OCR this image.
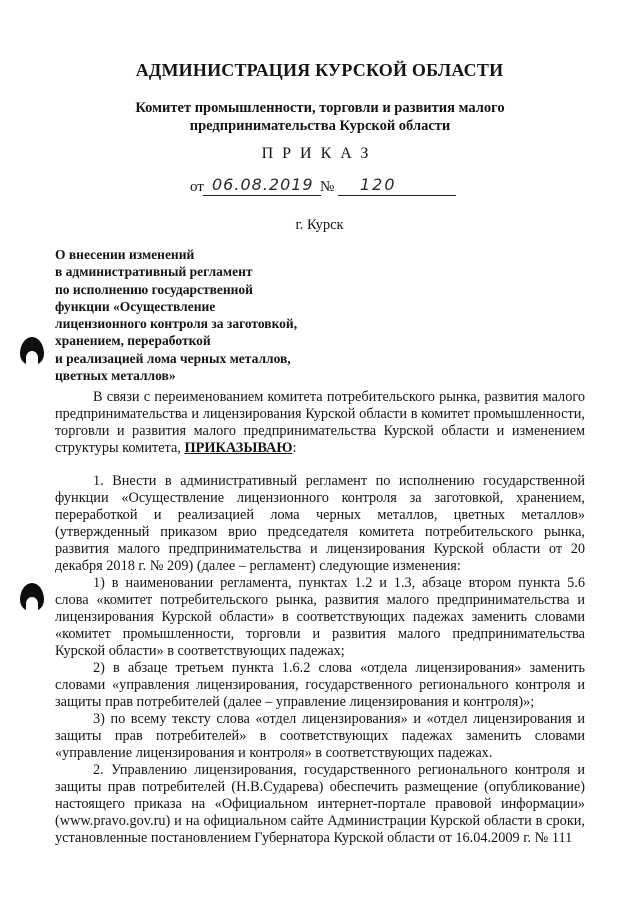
АДМИНИСТРАЦИЯ КУРСКОЙ ОБЛАСТИ
Комитет промышленности, торговли и развития малого
предпринимательства Курской области
ПРИКАЗ
от 06.08.2019 № 120
г. Курск
О внесении изменений
в административный регламент
по исполнению государственной
функции «Осуществление
лицензионного контроля за заготовкой,
хранением, переработкой
и реализацией лома черных металлов,
цветных металлов»

В связи с переименованием комитета потребительского рынка, развития малого предпринимательства и лицензирования Курской области в комитет промышленности, торговли и развития малого предпринимательства Курской области и изменением структуры комитета, ПРИКАЗЫВАЮ:

1. Внести в административный регламент по исполнению государственной функции «Осуществление лицензионного контроля за заготовкой, хранением, переработкой и реализацией лома черных металлов, цветных металлов» (утвержденный приказом врио председателя комитета потребительского рынка, развития малого предпринимательства и лицензирования Курской области от 20 декабря 2018 г. № 209) (далее – регламент) следующие изменения:

1) в наименовании регламента, пунктах 1.2 и 1.3, абзаце втором пункта 5.6 слова «комитет потребительского рынка, развития малого предпринимательства и лицензирования Курской области» в соответствующих падежах заменить словами «комитет промышленности, торговли и развития малого предпринимательства Курской области» в соответствующих падежах;

2) в абзаце третьем пункта 1.6.2 слова «отдела лицензирования» заменить словами «управления лицензирования, государственного регионального контроля и защиты прав потребителей (далее – управление лицензирования и контроля)»;

3) по всему тексту слова «отдел лицензирования» и «отдел лицензирования и защиты прав потребителей» в соответствующих падежах заменить словами «управление лицензирования и контроля» в соответствующих падежах.

2. Управлению лицензирования, государственного регионального контроля и защиты прав потребителей (Н.В.Сударева) обеспечить размещение (опубликование) настоящего приказа на «Официальном интернет-портале правовой информации» (www.pravo.gov.ru) и на официальном сайте Администрации Курской области в сроки, установленные постановлением Губернатора Курской области от 16.04.2009 г. № 111
